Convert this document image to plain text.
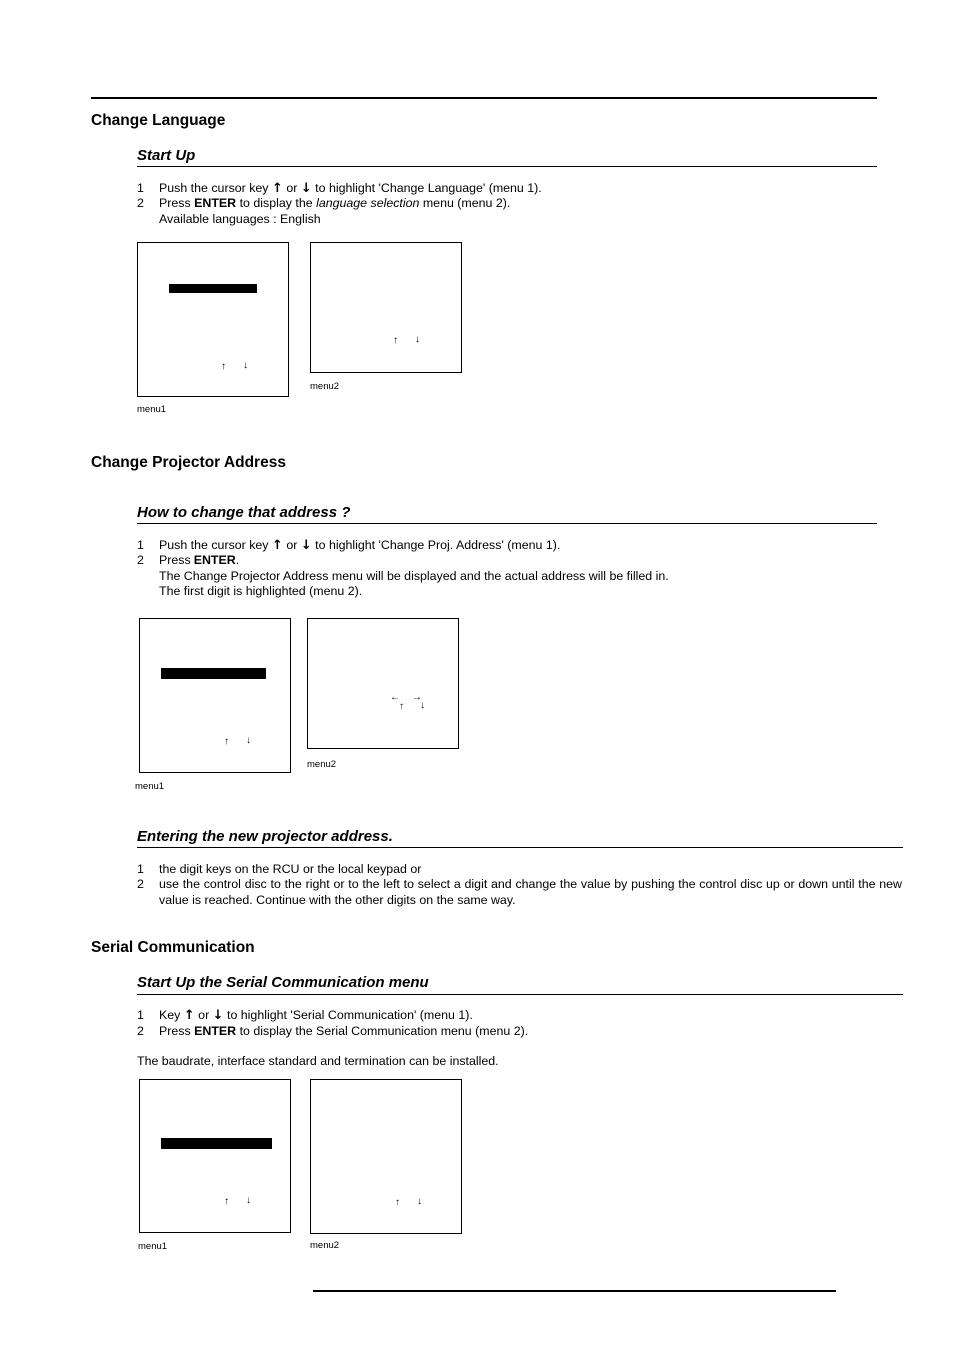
Change Language
Start Up
1 Push the cursor key ↑ or ↓ to highlight 'Change Language' (menu 1).
2 Press ENTER to display the language selection menu (menu 2).
Available languages : English
↑ ↓
menu1
↑ ↓
menu2
Change Projector Address
How to change that address ?
1 Push the cursor key ↑ or ↓ to highlight 'Change Proj. Address' (menu 1).
2 Press ENTER.
The Change Projector Address menu will be displayed and the actual address will be filled in.
The first digit is highlighted (menu 2).
↑ ↓
menu1
← →
↑ ↓
menu2
Entering the new projector address.
1 the digit keys on the RCU or the local keypad or
2 use the control disc to the right or to the left to select a digit and change the value by pushing the control disc up or down until the new value is reached. Continue with the other digits on the same way.
Serial Communication
Start Up the Serial Communication menu
1 Key ↑ or ↓ to highlight 'Serial Communication' (menu 1).
2 Press ENTER to display the Serial Communication menu (menu 2).
The baudrate, interface standard and termination can be installed.
↑ ↓
menu1
↑ ↓
menu2
